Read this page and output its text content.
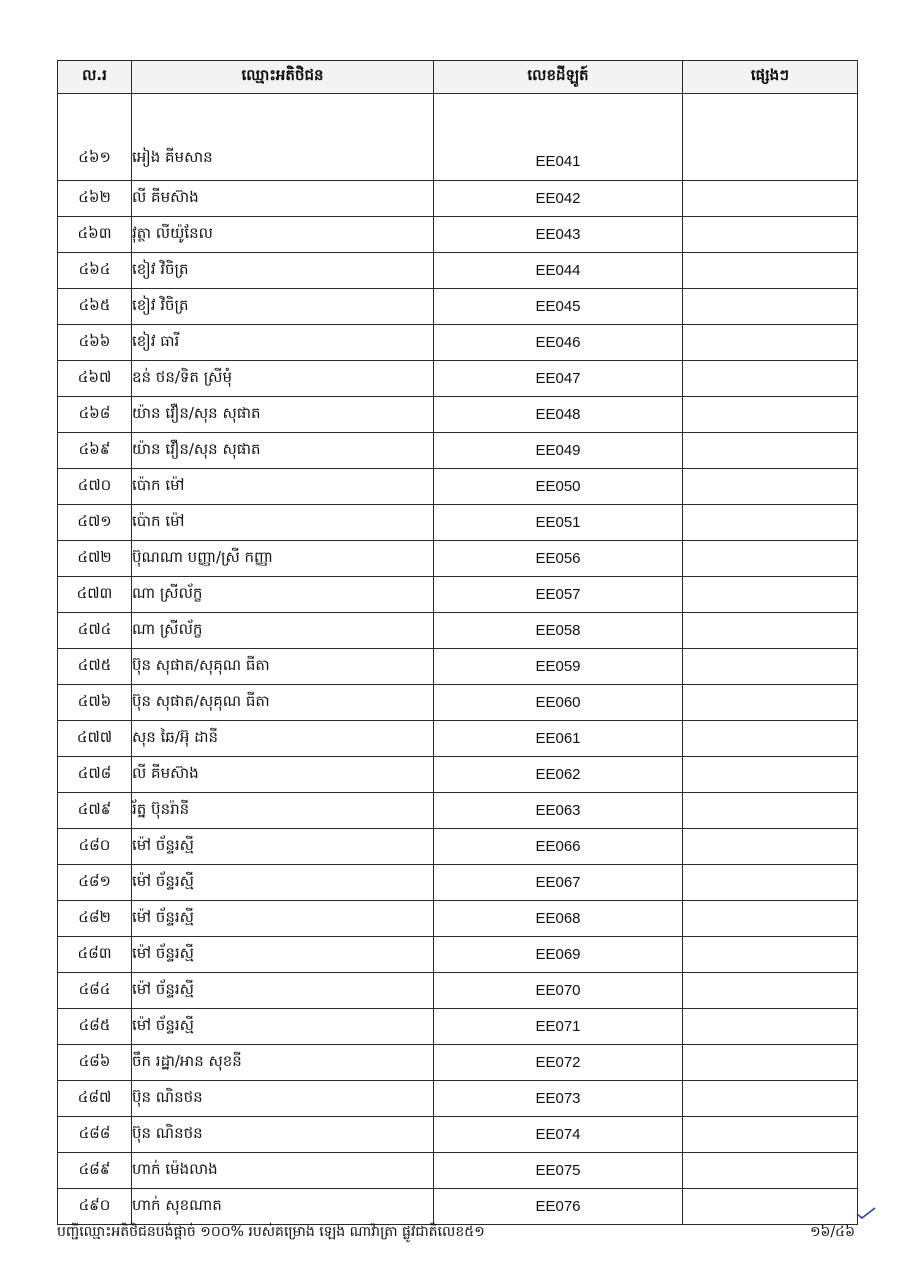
ល.រ	ឈ្មោះអតិថិជន	លេខដីឡូត៍	ផ្សេងៗ
៤៦១	អៀង គីមសាន	EE041	
៤៦២	លី គីមស៊ាង	EE042	
៤៦៣	វុត្ថា លីយ៉ូនែល	EE043	
៤៦៤	ខៀវ វិចិត្រ	EE044	
៤៦៥	ខៀវ វិចិត្រ	EE045	
៤៦៦	ខៀវ ធារី	EE046	
៤៦៧	ឧន់ ថន/ទិត ស្រីមុំ	EE047	
៤៦៨	យ៉ាន វឿន/សុន សុផាត	EE048	
៤៦៩	យ៉ាន វឿន/សុន សុផាត	EE049	
៤៧០	ប៉ោក ម៉ៅ	EE050	
៤៧១	ប៉ោក ម៉ៅ	EE051	
៤៧២	ប៊ុណណា បញ្ញា/ស្រី កញ្ញា	EE056	
៤៧៣	ណា ស្រីល័ក្ខ	EE057	
៤៧៤	ណា ស្រីល័ក្ខ	EE058	
៤៧៥	ប៊ុន សុផាត/សុគុណ ធីតា	EE059	
៤៧៦	ប៊ុន សុផាត/សុគុណ ធីតា	EE060	
៤៧៧	សុន ឆៃ/អ៊ុ ដានី	EE061	
៤៧៨	លី គីមស៊ាង	EE062	
៤៧៩	រ័ត្ន ប៊ុនរ៉ានី	EE063	
៤៨០	ម៉ៅ ច័ន្ទរស្មី	EE066	
៤៨១	ម៉ៅ ច័ន្ទរស្មី	EE067	
៤៨២	ម៉ៅ ច័ន្ទរស្មី	EE068	
៤៨៣	ម៉ៅ ច័ន្ទរស្មី	EE069	
៤៨៤	ម៉ៅ ច័ន្ទរស្មី	EE070	
៤៨៥	ម៉ៅ ច័ន្ទរស្មី	EE071	
៤៨៦	ចឹក រដ្ឋា/អាន សុខនី	EE072	
៤៨៧	ប៊ុន ណិនថន	EE073	
៤៨៨	ប៊ុន ណិនថន	EE074	
៤៨៩	ហាក់ ម៉េងលាង	EE075	
៤៩០	ហាក់ សុខណាត	EE076	
បញ្ជីឈ្មោះអតិថិជនបង់ផ្តាច់ ១០០% របស់គម្រោង ឡេង ណាវ៉ាត្រា ផ្លូវជាតិលេខ៥១	១៦/៤៦
